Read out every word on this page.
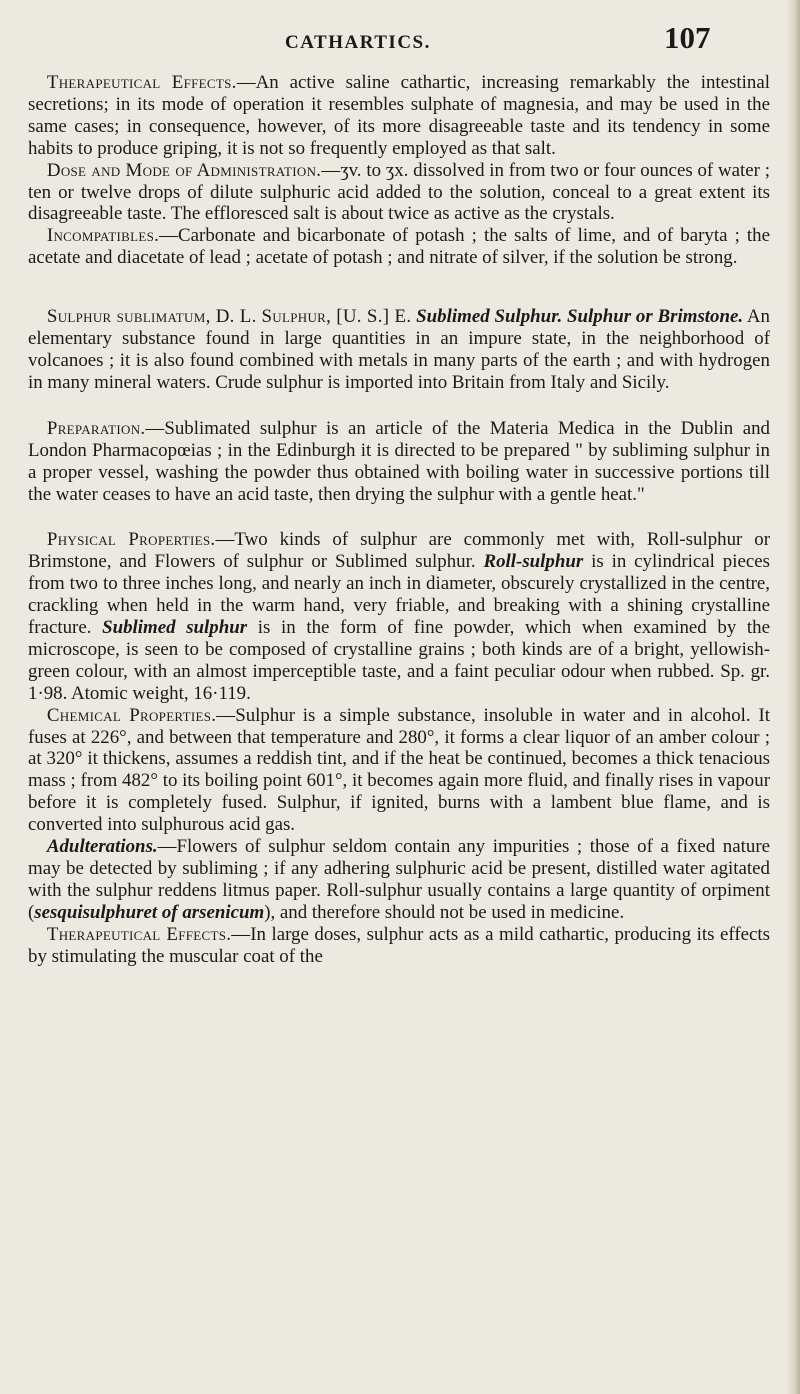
CATHARTICS.	107

 Therapeutical Effects.—An active saline cathartic, increasing remarkably the intestinal secretions; in its mode of operation it resembles sulphate of magnesia, and may be used in the same cases; in consequence, however, of its more disagreeable taste and its tendency in some habits to produce griping, it is not so frequently employed as that salt.

 Dose and Mode of Administration.—ʒv. to ʒx. dissolved in from two or four ounces of water ; ten or twelve drops of dilute sulphuric acid added to the solution, conceal to a great extent its disagreeable taste. The effloresced salt is about twice as active as the crystals.

 Incompatibles.—Carbonate and bicarbonate of potash ; the salts of lime, and of baryta ; the acetate and diacetate of lead ; acetate of potash ; and nitrate of silver, if the solution be strong.

 Sulphur sublimatum, D. L. Sulphur, [U. S.] E. Sublimed Sulphur. Sulphur or Brimstone. An elementary substance found in large quantities in an impure state, in the neighborhood of volcanoes ; it is also found combined with metals in many parts of the earth ; and with hydrogen in many mineral waters. Crude sulphur is imported into Britain from Italy and Sicily.

 Preparation.—Sublimated sulphur is an article of the Materia Medica in the Dublin and London Pharmacopœias ; in the Edinburgh it is directed to be prepared " by subliming sulphur in a proper vessel, washing the powder thus obtained with boiling water in successive portions till the water ceases to have an acid taste, then drying the sulphur with a gentle heat."

 Physical Properties.—Two kinds of sulphur are commonly met with, Roll-sulphur or Brimstone, and Flowers of sulphur or Sublimed sulphur. Roll-sulphur is in cylindrical pieces from two to three inches long, and nearly an inch in diameter, obscurely crystallized in the centre, crackling when held in the warm hand, very friable, and breaking with a shining crystalline fracture. Sublimed sulphur is in the form of fine powder, which when examined by the microscope, is seen to be composed of crystalline grains ; both kinds are of a bright, yellowish-green colour, with an almost imperceptible taste, and a faint peculiar odour when rubbed. Sp. gr. 1·98. Atomic weight, 16·119.

 Chemical Properties.—Sulphur is a simple substance, insoluble in water and in alcohol. It fuses at 226°, and between that temperature and 280°, it forms a clear liquor of an amber colour ; at 320° it thickens, assumes a reddish tint, and if the heat be continued, becomes a thick tenacious mass ; from 482° to its boiling point 601°, it becomes again more fluid, and finally rises in vapour before it is completely fused. Sulphur, if ignited, burns with a lambent blue flame, and is converted into sulphurous acid gas.

 Adulterations.—Flowers of sulphur seldom contain any impurities ; those of a fixed nature may be detected by subliming ; if any adhering sulphuric acid be present, distilled water agitated with the sulphur reddens litmus paper. Roll-sulphur usually contains a large quantity of orpiment (sesquisulphuret of arsenicum), and therefore should not be used in medicine.

 Therapeutical Effects.—In large doses, sulphur acts as a mild cathartic, producing its effects by stimulating the muscular coat of the
